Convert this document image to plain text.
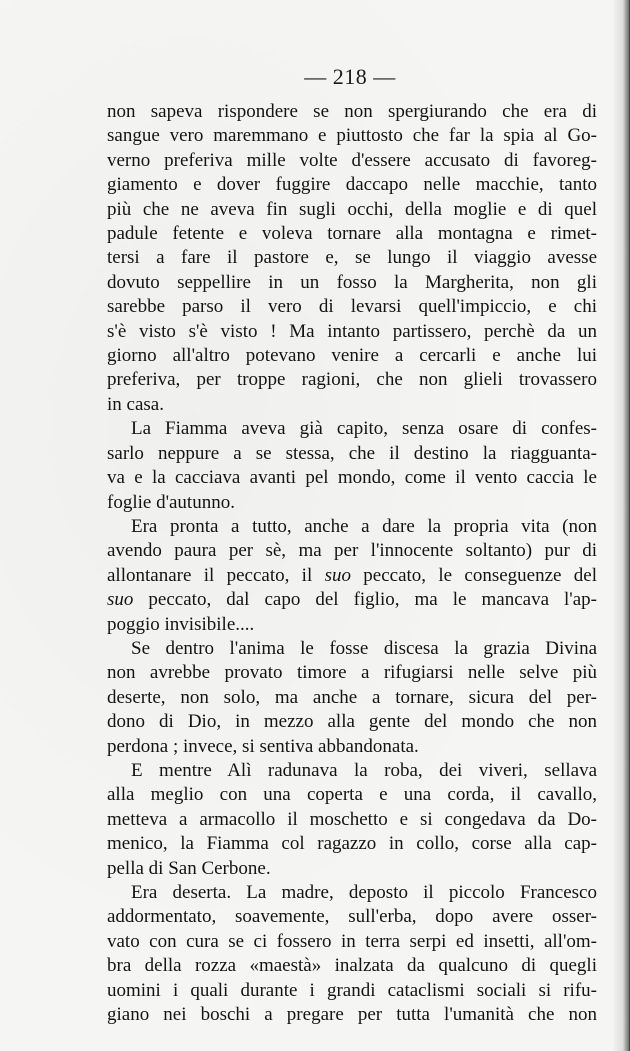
— 218 —
non sapeva rispondere se non spergiurando che era di
sangue vero maremmano e piuttosto che far la spia al Go-
verno preferiva mille volte d'essere accusato di favoreg-
giamento e dover fuggire daccapo nelle macchie, tanto
più che ne aveva fin sugli occhi, della moglie e di quel
padule fetente e voleva tornare alla montagna e rimet-
tersi a fare il pastore e, se lungo il viaggio avesse
dovuto seppellire in un fosso la Margherita, non gli
sarebbe parso il vero di levarsi quell'impiccio, e chi
s'è visto s'è visto ! Ma intanto partissero, perchè da un
giorno all'altro potevano venire a cercarli e anche lui
preferiva, per troppe ragioni, che non glieli trovassero
in casa.
La Fiamma aveva già capito, senza osare di confes-
sarlo neppure a se stessa, che il destino la riagguanta-
va e la cacciava avanti pel mondo, come il vento caccia le
foglie d'autunno.
Era pronta a tutto, anche a dare la propria vita (non
avendo paura per sè, ma per l'innocente soltanto) pur di
allontanare il peccato, il suo peccato, le conseguenze del
suo peccato, dal capo del figlio, ma le mancava l'ap-
poggio invisibile....
Se dentro l'anima le fosse discesa la grazia Divina
non avrebbe provato timore a rifugiarsi nelle selve più
deserte, non solo, ma anche a tornare, sicura del per-
dono di Dio, in mezzo alla gente del mondo che non
perdona ; invece, si sentiva abbandonata.
E mentre Alì radunava la roba, dei viveri, sellava
alla meglio con una coperta e una corda, il cavallo,
metteva a armacollo il moschetto e si congedava da Do-
menico, la Fiamma col ragazzo in collo, corse alla cap-
pella di San Cerbone.
Era deserta. La madre, deposto il piccolo Francesco
addormentato, soavemente, sull'erba, dopo avere osser-
vato con cura se ci fossero in terra serpi ed insetti, all'om-
bra della rozza «maestà» inalzata da qualcuno di quegli
uomini i quali durante i grandi cataclismi sociali si rifu-
giano nei boschi a pregare per tutta l'umanità che non
